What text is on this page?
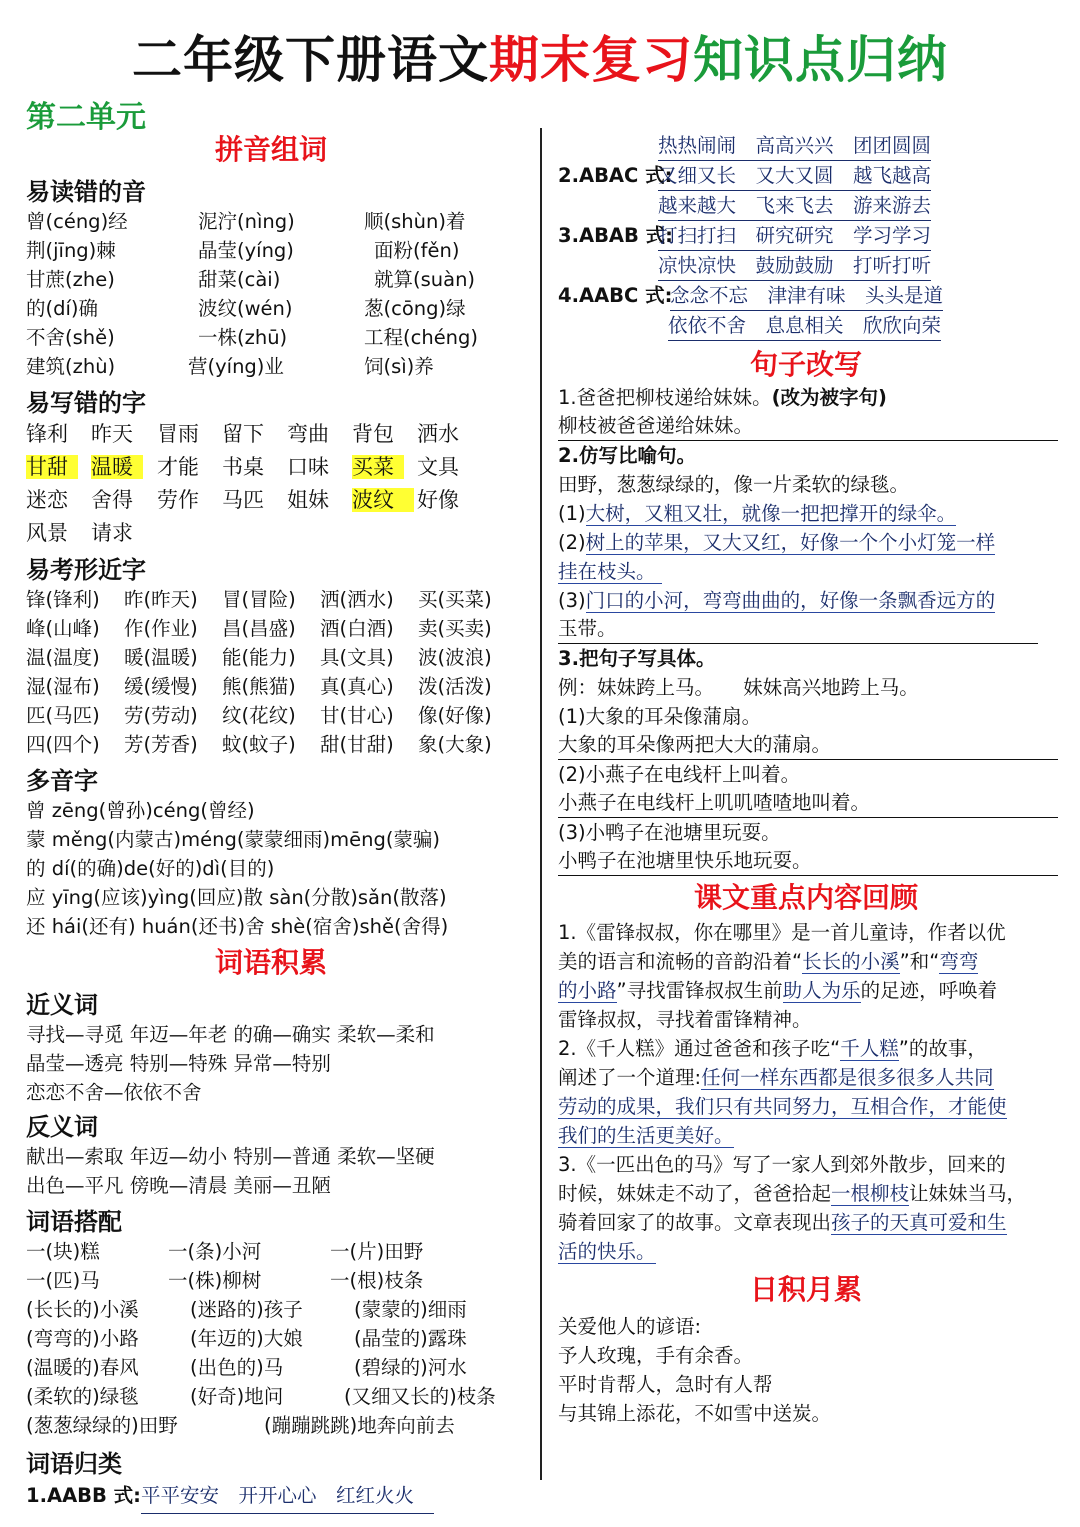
二年级下册语文期末复习知识点归纳
第二单元
拼音组词
易读错的音
曾(céng)经	泥泞(nìng)	顺(shùn)着
荆(jīng)棘	晶莹(yíng)	面粉(fěn)
甘蔗(zhe)	甜菜(cài)	就算(suàn)
的(dí)确	波纹(wén)	葱(cōng)绿
不舍(shě)	一株(zhū)	工程(chéng)
建筑(zhù)	营(yíng)业	饲(sì)养
易写错的字
锋利	昨天	冒雨	留下	弯曲	背包	洒水
甘甜	温暖	才能	书桌	口味	买菜	文具
迷恋	舍得	劳作	马匹	姐妹	波纹	好像
风景	请求
易考形近字
锋(锋利)	昨(昨天)	冒(冒险)	洒(洒水)	买(买菜)
峰(山峰)	作(作业)	昌(昌盛)	酒(白酒)	卖(买卖)
温(温度)	暖(温暖)	能(能力)	具(文具)	波(波浪)
湿(湿布)	缓(缓慢)	熊(熊猫)	真(真心)	泼(活泼)
匹(马匹)	劳(劳动)	纹(花纹)	甘(甘心)	像(好像)
四(四个)	芳(芳香)	蚊(蚊子)	甜(甘甜)	象(大象)
多音字
曾 zēng(曾孙)céng(曾经)
蒙 měng(内蒙古)méng(蒙蒙细雨)mēng(蒙骗)
的 dí(的确)de(好的)dì(目的)
应 yīng(应该)yìng(回应)散 sàn(分散)sǎn(散落)
还 hái(还有) huán(还书)舍 shè(宿舍)shě(舍得)
词语积累
近义词
寻找—寻觅 年迈—年老 的确—确实 柔软—柔和
晶莹—透亮 特别—特殊 异常—特别
恋恋不舍—依依不舍
反义词
献出—索取 年迈—幼小 特别—普通 柔软—坚硬
出色—平凡 傍晚—清晨 美丽—丑陋
词语搭配
一(块)糕	一(条)小河	一(片)田野
一(匹)马	一(株)柳树	一(根)枝条
(长长的)小溪	(迷路的)孩子	(蒙蒙的)细雨
(弯弯的)小路	(年迈的)大娘	(晶莹的)露珠
(温暖的)春风	(出色的)马	(碧绿的)河水
(柔软的)绿毯	(好奇)地问	(又细又长的)枝条
(葱葱绿绿的)田野	(蹦蹦跳跳)地奔向前去
词语归类
1.AABB 式: 平平安安　开开心心　红红火火
热热闹闹　高高兴兴　团团圆圆
2.ABAC 式:
又细又长　又大又圆　越飞越高
越来越大　飞来飞去　游来游去
3.ABAB 式:
打扫打扫　研究研究　学习学习
凉快凉快　鼓励鼓励　打听打听
4.AABC 式:
念念不忘　津津有味　头头是道
依依不舍　息息相关　欣欣向荣
句子改写
1.爸爸把柳枝递给妹妹。(改为被字句)
柳枝被爸爸递给妹妹。
2.仿写比喻句。
田野，葱葱绿绿的，像一片柔软的绿毯。
(1)大树，又粗又壮，就像一把把撑开的绿伞。
(2)树上的苹果，又大又红，好像一个个小灯笼一样
挂在枝头。
(3)门口的小河，弯弯曲曲的，好像一条飘香远方的
玉带。
3.把句子写具体。
例：妹妹跨上马。　　妹妹高兴地跨上马。
(1)大象的耳朵像蒲扇。
大象的耳朵像两把大大的蒲扇。
(2)小燕子在电线杆上叫着。
小燕子在电线杆上叽叽喳喳地叫着。
(3)小鸭子在池塘里玩耍。
小鸭子在池塘里快乐地玩耍。
课文重点内容回顾
1.《雷锋叔叔，你在哪里》是一首儿童诗，作者以优
美的语言和流畅的音韵沿着“长长的小溪”和“弯弯
的小路”寻找雷锋叔叔生前助人为乐的足迹，呼唤着
雷锋叔叔，寻找着雷锋精神。
2.《千人糕》通过爸爸和孩子吃“千人糕”的故事，
阐述了一个道理:任何一样东西都是很多很多人共同
劳动的成果，我们只有共同努力，互相合作，才能使
我们的生活更美好。
3.《一匹出色的马》写了一家人到郊外散步，回来的
时候，妹妹走不动了，爸爸拾起一根柳枝让妹妹当马，
骑着回家了的故事。文章表现出孩子的天真可爱和生
活的快乐。
日积月累
关爱他人的谚语:
予人玫瑰，手有余香。
平时肯帮人，急时有人帮
与其锦上添花，不如雪中送炭。
